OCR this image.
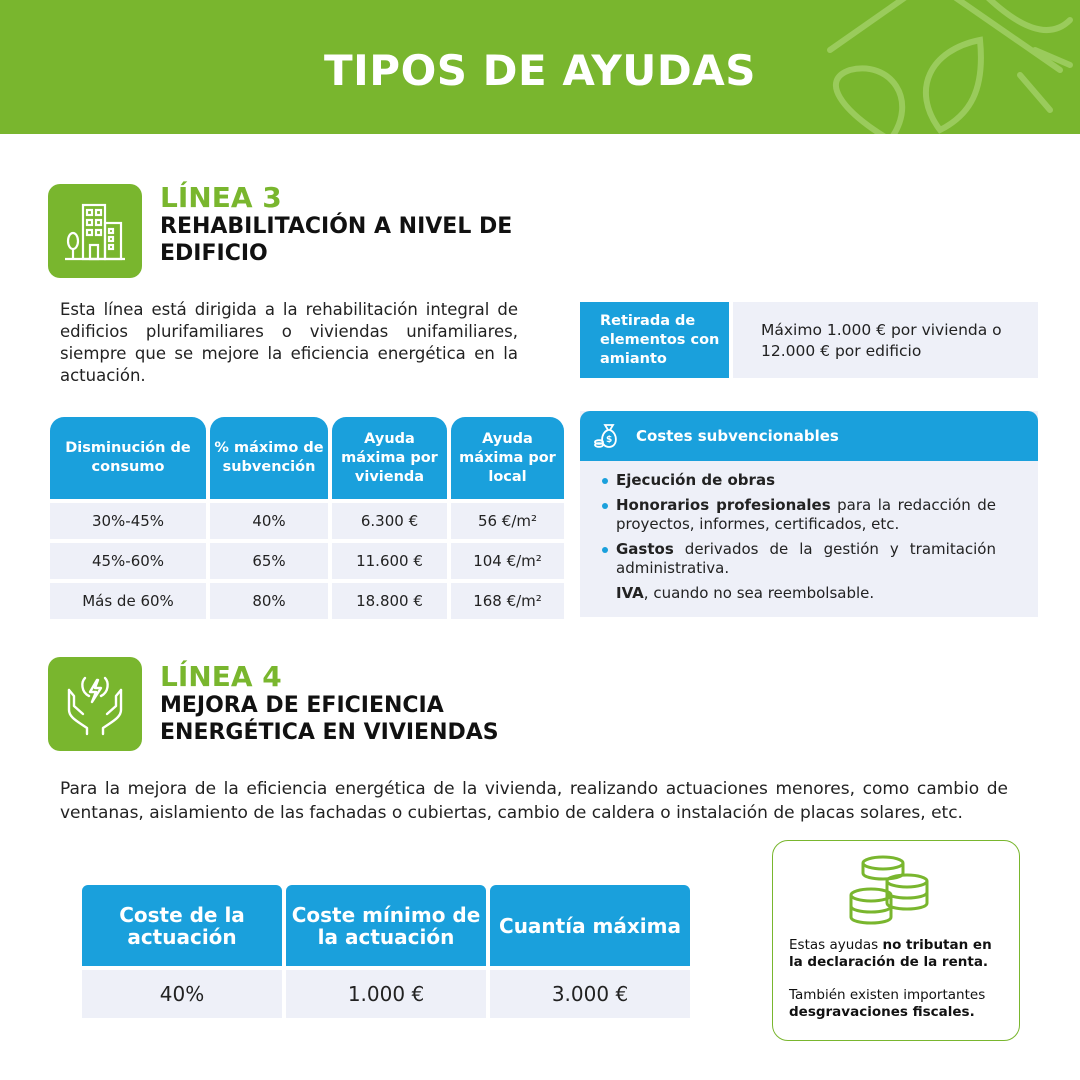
TIPOS DE AYUDAS
LÍNEA 3
REHABILITACIÓN A NIVEL DE EDIFICIO
Esta línea está dirigida a la rehabilitación integral de edificios plurifamiliares o viviendas unifamiliares, siempre que se mejore la eficiencia energética en la actuación.
Disminución de consumo	% máximo de subvención	Ayuda máxima por vivienda	Ayuda máxima por local
30%-45%	40%	6.300 €	56 €/m²
45%-60%	65%	11.600 €	104 €/m²
Más de 60%	80%	18.800 €	168 €/m²
Retirada de elementos con amianto
Máximo 1.000 € por vivienda o 12.000 € por edificio
$ Costes subvencionables
Ejecución de obras
Honorarios profesionales para la redacción de proyectos, informes, certificados, etc.
Gastos derivados de la gestión y tramitación administrativa.
IVA, cuando no sea reembolsable.
LÍNEA 4
MEJORA DE EFICIENCIA ENERGÉTICA EN VIVIENDAS
Para la mejora de la eficiencia energética de la vivienda, realizando actuaciones menores, como cambio de ventanas, aislamiento de las fachadas o cubiertas, cambio de caldera o instalación de placas solares, etc.
Coste de la actuación	Coste mínimo de la actuación	Cuantía máxima
40%	1.000 €	3.000 €
Estas ayudas no tributan en la declaración de la renta.
También existen importantes desgravaciones fiscales.
